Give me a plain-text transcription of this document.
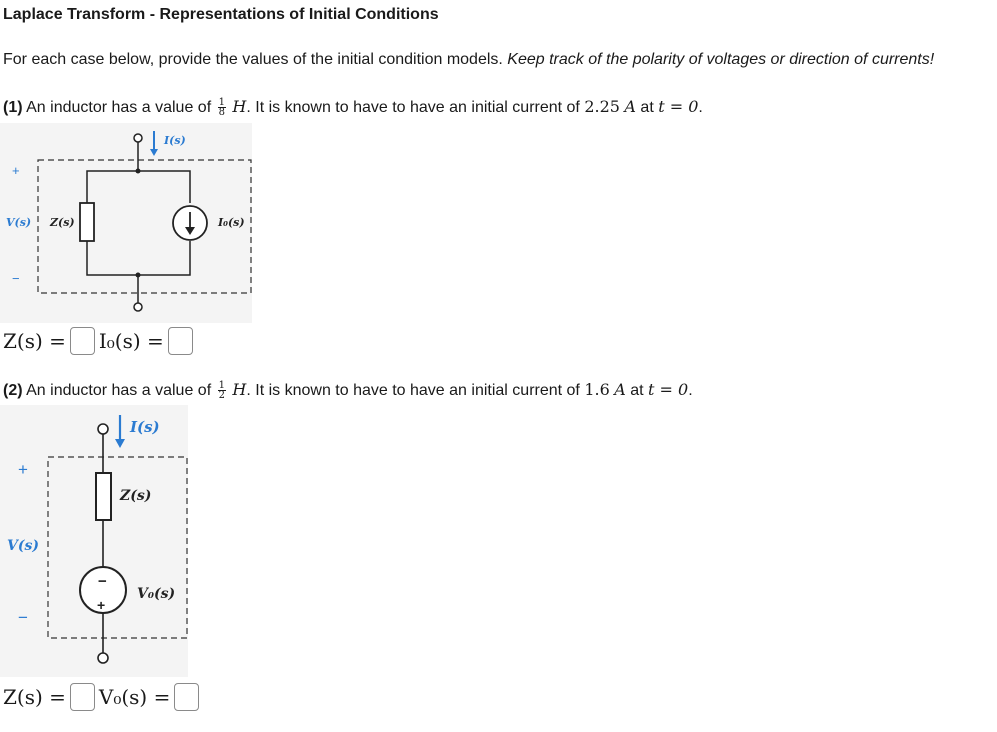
Laplace Transform - Representations of Initial Conditions
For each case below, provide the values of the initial condition models. Keep track of the polarity of voltages or direction of currents!
(1) An inductor has a value of $\frac{1}{8} H$. It is known to have to have an initial current of 2.25 A at t = 0.
I(s)
+
V(s)
−
Z(s)	I₀(s)
Z(s) = I₀(s) =
(2) An inductor has a value of $\frac{1}{2} H$. It is known to have to have an initial current of 1.6 A at t = 0.
I(s)
−
+
+
V(s)
−
Z(s)
V₀(s)
Z(s) = V₀(s) =
